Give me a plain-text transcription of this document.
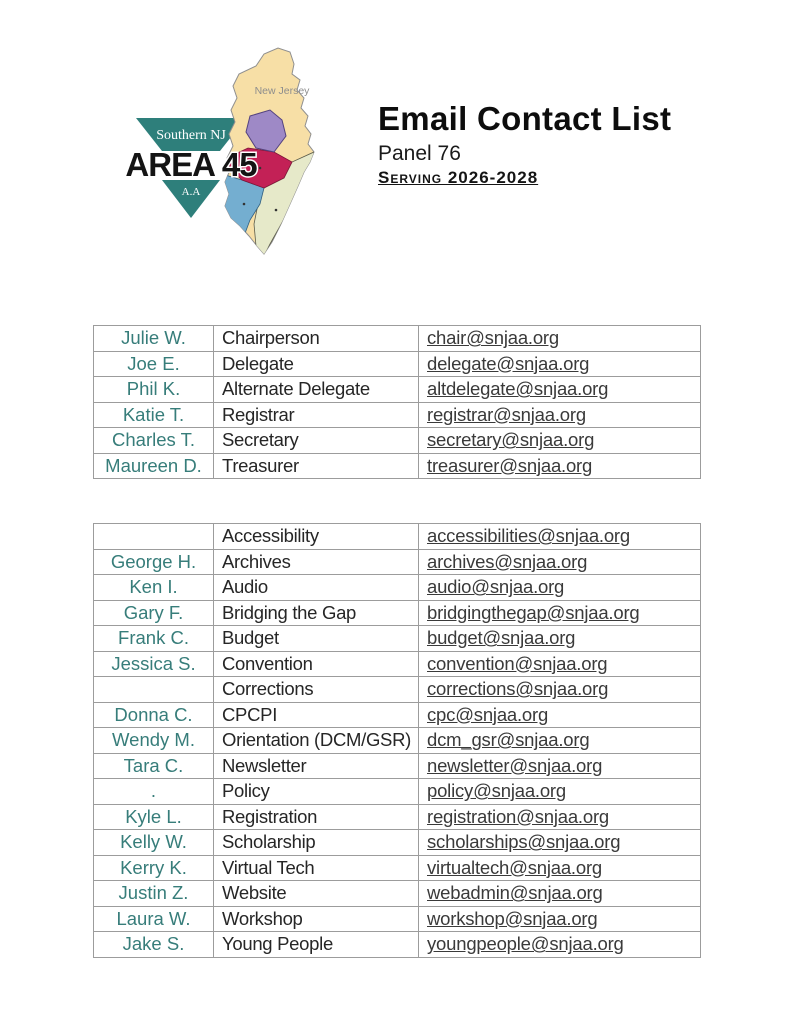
New Jersey
Southern NJ
A.A
AREA 45
Email Contact List
Panel 76
Serving 2026-2028
Julie W.	Chairperson	chair@snjaa.org
Joe E.	Delegate	delegate@snjaa.org
Phil K.	Alternate Delegate	altdelegate@snjaa.org
Katie T.	Registrar	registrar@snjaa.org
Charles T.	Secretary	secretary@snjaa.org
Maureen D.	Treasurer	treasurer@snjaa.org
	Accessibility	accessibilities@snjaa.org
George H.	Archives	archives@snjaa.org
Ken I.	Audio	audio@snjaa.org
Gary F.	Bridging the Gap	bridgingthegap@snjaa.org
Frank C.	Budget	budget@snjaa.org
Jessica S.	Convention	convention@snjaa.org
	Corrections	corrections@snjaa.org
Donna C.	CPCPI	cpc@snjaa.org
Wendy M.	Orientation (DCM/GSR)	dcm_gsr@snjaa.org
Tara C.	Newsletter	newsletter@snjaa.org
.	Policy	policy@snjaa.org
Kyle L.	Registration	registration@snjaa.org
Kelly W.	Scholarship	scholarships@snjaa.org
Kerry K.	Virtual Tech	virtualtech@snjaa.org
Justin Z.	Website	webadmin@snjaa.org
Laura W.	Workshop	workshop@snjaa.org
Jake S.	Young People	youngpeople@snjaa.org
